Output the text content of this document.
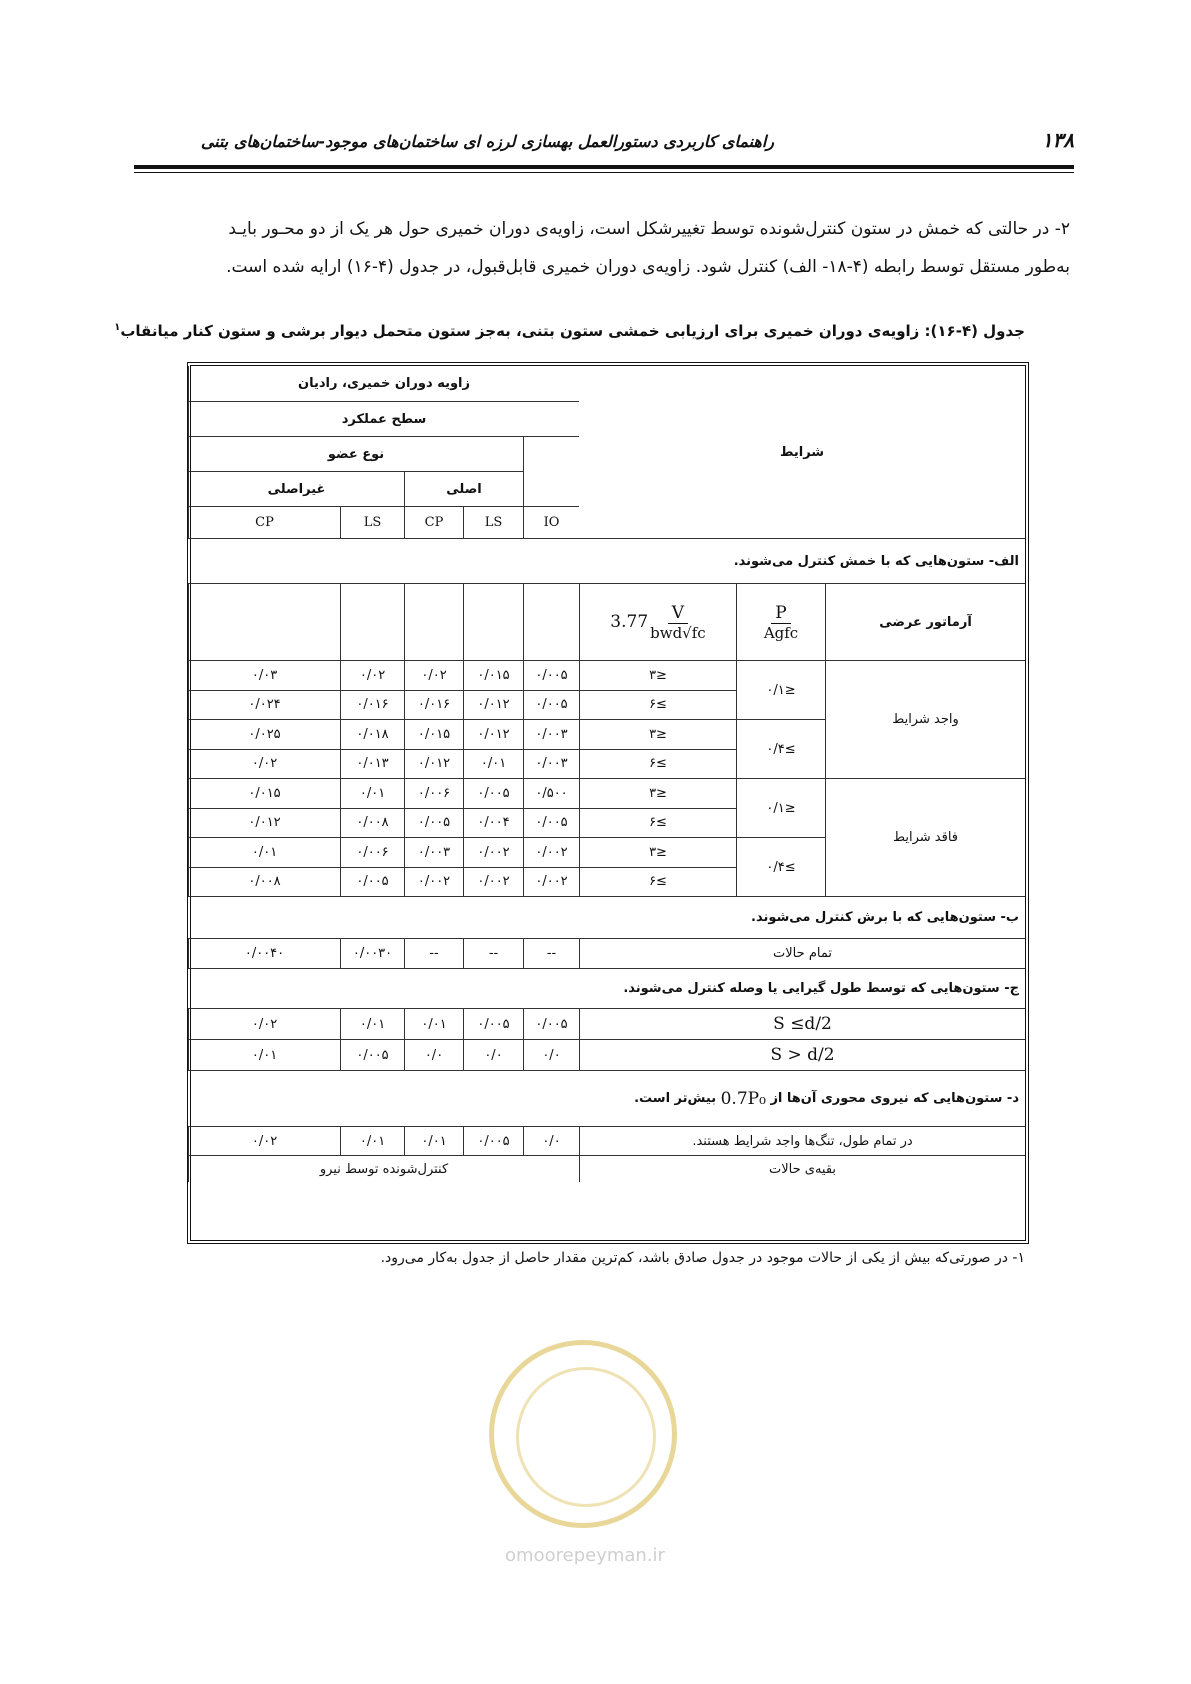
۱۳۸
راهنمای کاربردی دستورالعمل بهسازی لرزه ای ساختمان‌های موجود-ساختمان‌های بتنی

۲- در حالتی که خمش در ستون کنترل‌شونده توسط تغییرشکل است، زاویه‌ی دوران خمیری حول هر یک از دو محـور بایـد

به‌طور مستقل توسط رابطه (۴-۱۸- الف) کنترل شود. زاویه‌ی دوران خمیری قابل‌قبول، در جدول (۴-۱۶) ارایه شده است.

جدول (۴-۱۶): زاویه‌ی دوران خمیری برای ارزیابی خمشی ستون بتنی، به‌جز ستون متحمل دیوار برشی و ستون کنار میانقاب$^۱$
شرایط
زاویه دوران خمیری، رادیان
سطح عملکرد
نوع عضو
اصلی
غیراصلی
IO
LS
CP
LS
CP
الف- ستون‌هایی که با خمش کنترل می‌شوند.
آرماتور عرضی
$\frac{P}{\text{Agfc}}$
$3.77 \frac{V}{\text{bwd√fc}}$
واجد شرایط
فاقد شرایط
≤۰/۱
≥۰/۴
≤۰/۱
≥۰/۴
≤۳
۰/۰۰۵
۰/۰۱۵
۰/۰۲
۰/۰۲
۰/۰۳
≥۶
۰/۰۰۵
۰/۰۱۲
۰/۰۱۶
۰/۰۱۶
۰/۰۲۴
≤۳
۰/۰۰۳
۰/۰۱۲
۰/۰۱۵
۰/۰۱۸
۰/۰۲۵
≥۶
۰/۰۰۳
۰/۰۱
۰/۰۱۲
۰/۰۱۳
۰/۰۲
≤۳
۰/۵۰۰
۰/۰۰۵
۰/۰۰۶
۰/۰۱
۰/۰۱۵
≥۶
۰/۰۰۵
۰/۰۰۴
۰/۰۰۵
۰/۰۰۸
۰/۰۱۲
≤۳
۰/۰۰۲
۰/۰۰۲
۰/۰۰۳
۰/۰۰۶
۰/۰۱
≥۶
۰/۰۰۲
۰/۰۰۲
۰/۰۰۲
۰/۰۰۵
۰/۰۰۸
ب- ستون‌هایی که با برش کنترل می‌شوند.
تمام حالات
--
--
--
۰/۰۰۳۰
۰/۰۰۴۰
ج- ستون‌هایی که توسط طول گیرایی یا وصله کنترل می‌شوند.
S ≤d/2
۰/۰۰۵
۰/۰۰۵
۰/۰۱
۰/۰۱
۰/۰۲
S > d/2
۰/۰
۰/۰
۰/۰
۰/۰۰۵
۰/۰۱
د- ستون‌هایی که نیروی محوری آن‌ها از

0.7P₀

بیش‌تر است.
در تمام طول، تنگ‌ها واجد شرایط هستند.
۰/۰
۰/۰۰۵
۰/۰۱
۰/۰۱
۰/۰۲
بقیه‌ی حالات
کنترل‌شونده توسط نیرو
۱- در صورتی‌که بیش از یکی از حالات موجود در جدول صادق باشد، کم‌ترین مقدار حاصل از جدول به‌کار می‌رود.
omoorepeyman.ir
